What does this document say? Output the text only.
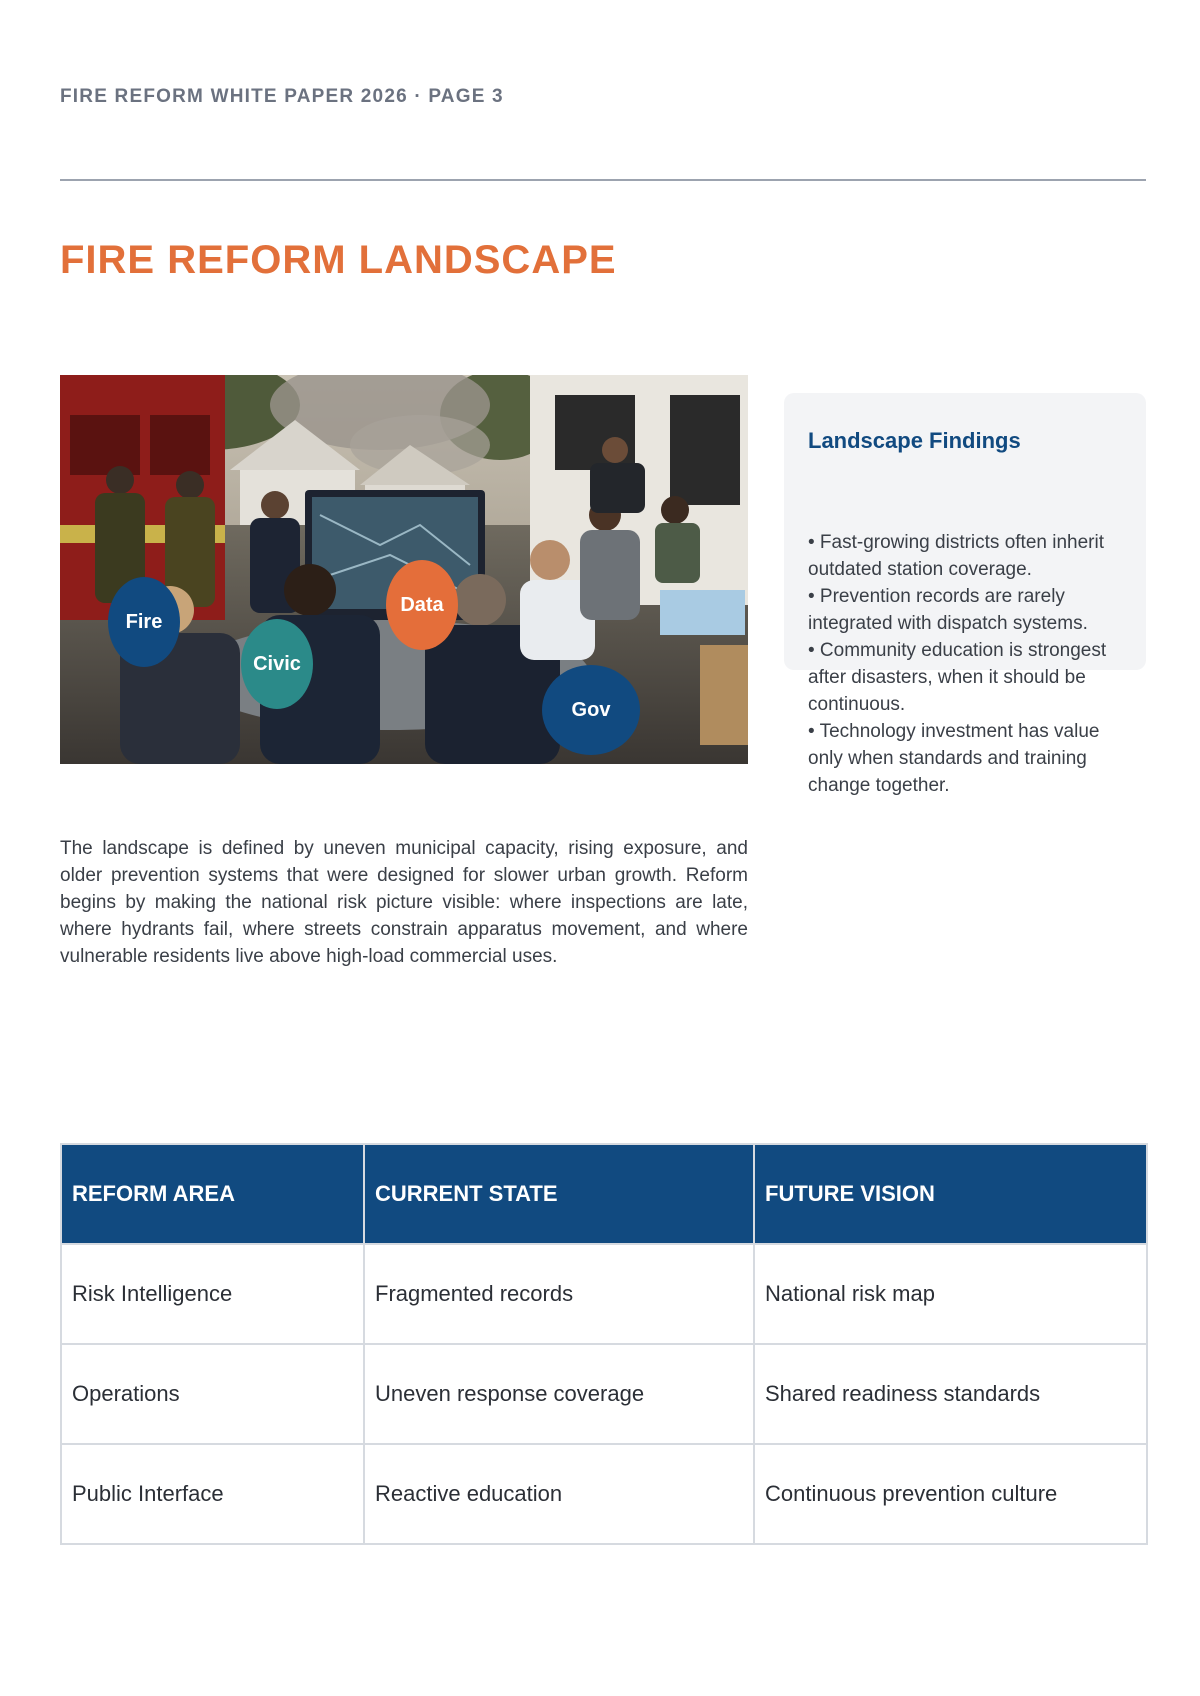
FIRE REFORM WHITE PAPER 2026 · PAGE 3
FIRE REFORM LANDSCAPE
Fire
Civic
Data
Gov
Landscape Findings
• Fast-growing districts often inherit outdated station coverage.
• Prevention records are rarely integrated with dispatch systems.
• Community education is strongest after disasters, when it should be continuous.
• Technology investment has value only when standards and training change together.

The landscape is defined by uneven municipal capacity, rising exposure, and older prevention systems that were designed for slower urban growth. Reform begins by making the national risk picture visible: where inspections are late, where hydrants fail, where streets constrain apparatus movement, and where vulnerable residents live above high-load commercial uses.

REFORM AREA	CURRENT STATE	FUTURE VISION
Risk Intelligence	Fragmented records	National risk map
Operations	Uneven response coverage	Shared readiness standards
Public Interface	Reactive education	Continuous prevention culture
